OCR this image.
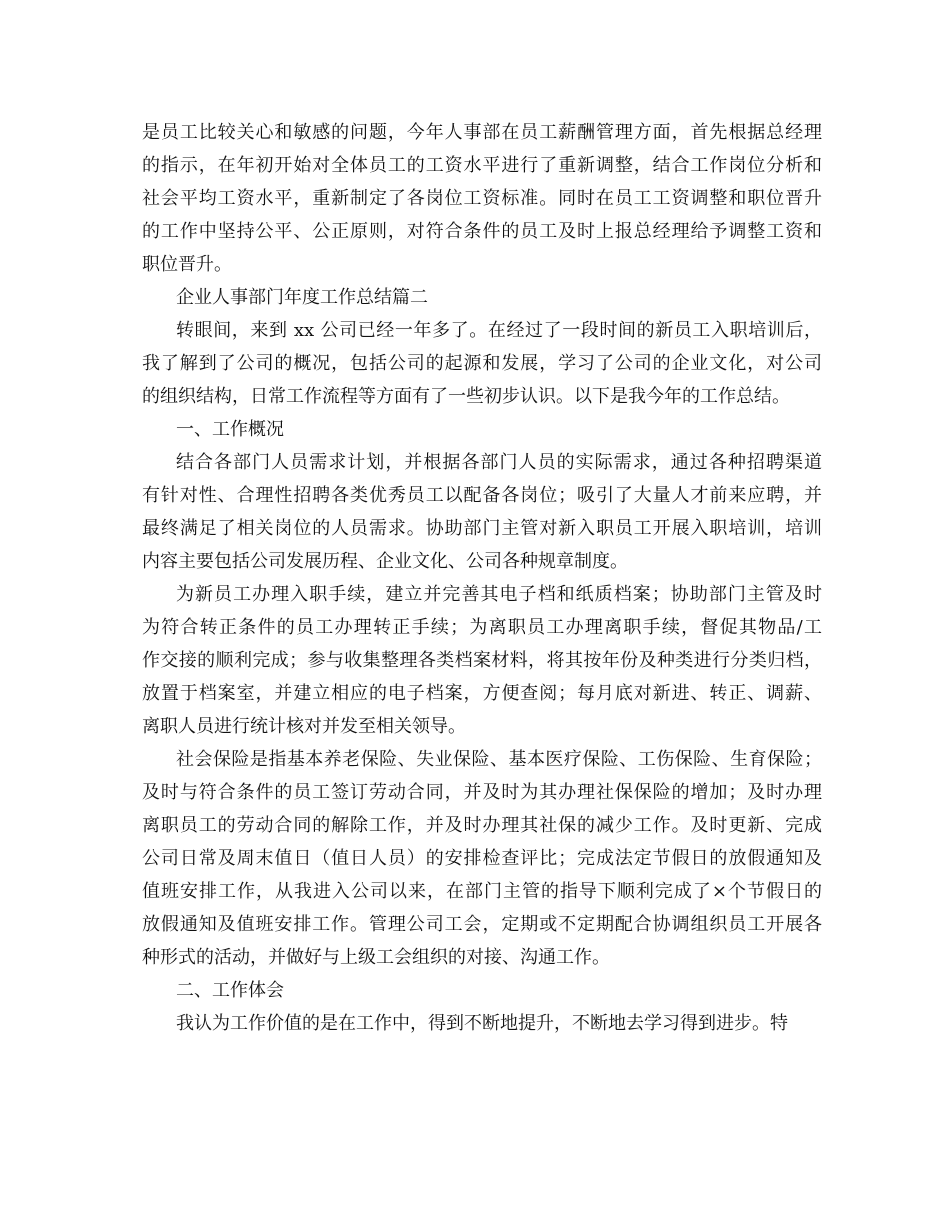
是员工比较关心和敏感的问题，今年人事部在员工薪酬管理方面，首先根据总经理
的指示，在年初开始对全体员工的工资水平进行了重新调整，结合工作岗位分析和
社会平均工资水平，重新制定了各岗位工资标准。同时在员工工资调整和职位晋升
的工作中坚持公平、公正原则，对符合条件的员工及时上报总经理给予调整工资和
职位晋升。
企业人事部门年度工作总结篇二
转眼间，来到 xx 公司已经一年多了。在经过了一段时间的新员工入职培训后，
我了解到了公司的概况，包括公司的起源和发展，学习了公司的企业文化，对公司
的组织结构，日常工作流程等方面有了一些初步认识。以下是我今年的工作总结。
一、工作概况
结合各部门人员需求计划，并根据各部门人员的实际需求，通过各种招聘渠道
有针对性、合理性招聘各类优秀员工以配备各岗位；吸引了大量人才前来应聘，并
最终满足了相关岗位的人员需求。协助部门主管对新入职员工开展入职培训，培训
内容主要包括公司发展历程、企业文化、公司各种规章制度。
为新员工办理入职手续，建立并完善其电子档和纸质档案；协助部门主管及时
为符合转正条件的员工办理转正手续；为离职员工办理离职手续，督促其物品/工
作交接的顺利完成；参与收集整理各类档案材料，将其按年份及种类进行分类归档，
放置于档案室，并建立相应的电子档案，方便查阅；每月底对新进、转正、调薪、
离职人员进行统计核对并发至相关领导。
社会保险是指基本养老保险、失业保险、基本医疗保险、工伤保险、生育保险；
及时与符合条件的员工签订劳动合同，并及时为其办理社保保险的增加；及时办理
离职员工的劳动合同的解除工作，并及时办理其社保的减少工作。及时更新、完成
公司日常及周末值日（值日人员）的安排检查评比；完成法定节假日的放假通知及
值班安排工作，从我进入公司以来，在部门主管的指导下顺利完成了×个节假日的
放假通知及值班安排工作。管理公司工会，定期或不定期配合协调组织员工开展各
种形式的活动，并做好与上级工会组织的对接、沟通工作。
二、工作体会
我认为工作价值的是在工作中，得到不断地提升，不断地去学习得到进步。特
